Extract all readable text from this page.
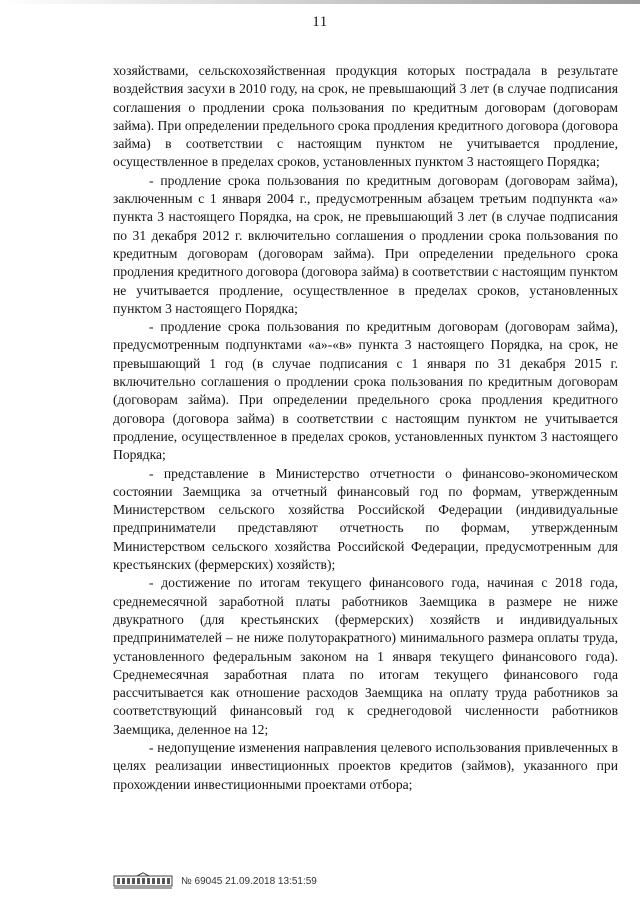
11

хозяйствами, сельскохозяйственная продукция которых пострадала в результате воздействия засухи в 2010 году, на срок, не превышающий 3 лет (в случае подписания соглашения о продлении срока пользования по кредитным договорам (договорам займа). При определении предельного срока продления кредитного договора (договора займа) в соответствии с настоящим пунктом не учитывается продление, осуществленное в пределах сроков, установленных пунктом 3 настоящего Порядка;

- продление срока пользования по кредитным договорам (договорам займа), заключенным с 1 января 2004 г., предусмотренным абзацем третьим подпункта «а» пункта 3 настоящего Порядка, на срок, не превышающий 3 лет (в случае подписания по 31 декабря 2012 г. включительно соглашения о продлении срока пользования по кредитным договорам (договорам займа). При определении предельного срока продления кредитного договора (договора займа) в соответствии с настоящим пунктом не учитывается продление, осуществленное в пределах сроков, установленных пунктом 3 настоящего Порядка;

- продление срока пользования по кредитным договорам (договорам займа), предусмотренным подпунктами «а»-«в» пункта 3 настоящего Порядка, на срок, не превышающий 1 год (в случае подписания с 1 января по 31 декабря 2015 г. включительно соглашения о продлении срока пользования по кредитным договорам (договорам займа). При определении предельного срока продления кредитного договора (договора займа) в соответствии с настоящим пунктом не учитывается продление, осуществленное в пределах сроков, установленных пунктом 3 настоящего Порядка;

- представление в Министерство отчетности о финансово-экономическом состоянии Заемщика за отчетный финансовый год по формам, утвержденным Министерством сельского хозяйства Российской Федерации (индивидуальные предприниматели представляют отчетность по формам, утвержденным Министерством сельского хозяйства Российской Федерации, предусмотренным для крестьянских (фермерских) хозяйств);

- достижение по итогам текущего финансового года, начиная с 2018 года, среднемесячной заработной платы работников Заемщика в размере не ниже двукратного (для крестьянских (фермерских) хозяйств и индивидуальных предпринимателей – не ниже полуторакратного) минимального размера оплаты труда, установленного федеральным законом на 1 января текущего финансового года). Среднемесячная заработная плата по итогам текущего финансового года рассчитывается как отношение расходов Заемщика на оплату труда работников за соответствующий финансовый год к среднегодовой численности работников Заемщика, деленное на 12;

- недопущение изменения направления целевого использования привлеченных в целях реализации инвестиционных проектов кредитов (займов), указанного при прохождении инвестиционными проектами отбора;

№ 69045 21.09.2018 13:51:59
